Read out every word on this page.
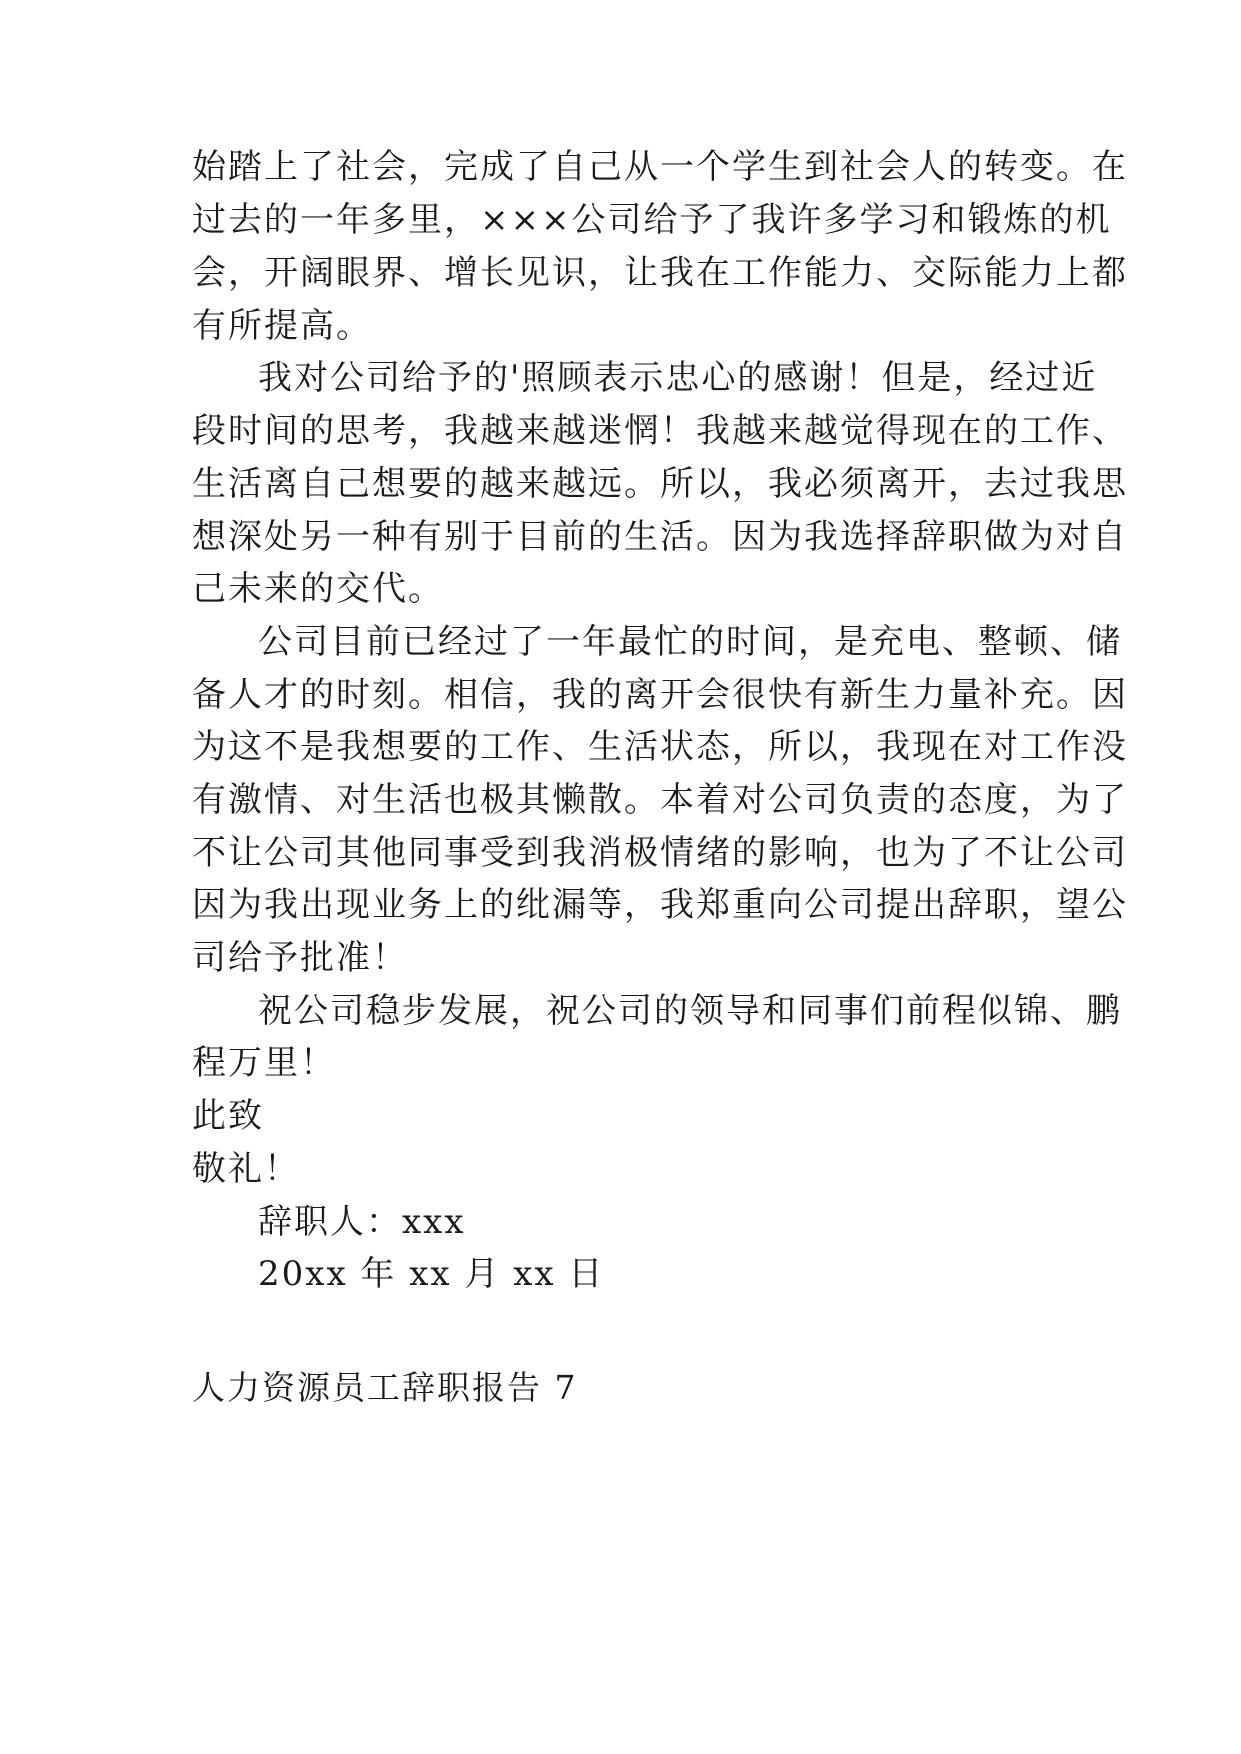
始踏上了社会，完成了自己从一个学生到社会人的转变。在
过去的一年多里，×××公司给予了我许多学习和锻炼的机
会，开阔眼界、增长见识，让我在工作能力、交际能力上都
有所提高。
我对公司给予的'照顾表示忠心的感谢！但是，经过近
段时间的思考，我越来越迷惘！我越来越觉得现在的工作、
生活离自己想要的越来越远。所以，我必须离开，去过我思
想深处另一种有别于目前的生活。因为我选择辞职做为对自
己未来的交代。
公司目前已经过了一年最忙的时间，是充电、整顿、储
备人才的时刻。相信，我的离开会很快有新生力量补充。因
为这不是我想要的工作、生活状态，所以，我现在对工作没
有激情、对生活也极其懒散。本着对公司负责的态度，为了
不让公司其他同事受到我消极情绪的影响，也为了不让公司
因为我出现业务上的纰漏等，我郑重向公司提出辞职，望公
司给予批准！
祝公司稳步发展，祝公司的领导和同事们前程似锦、鹏
程万里！
此致
敬礼！
辞职人：xxx
20xx 年 xx 月 xx 日
人力资源员工辞职报告 7
